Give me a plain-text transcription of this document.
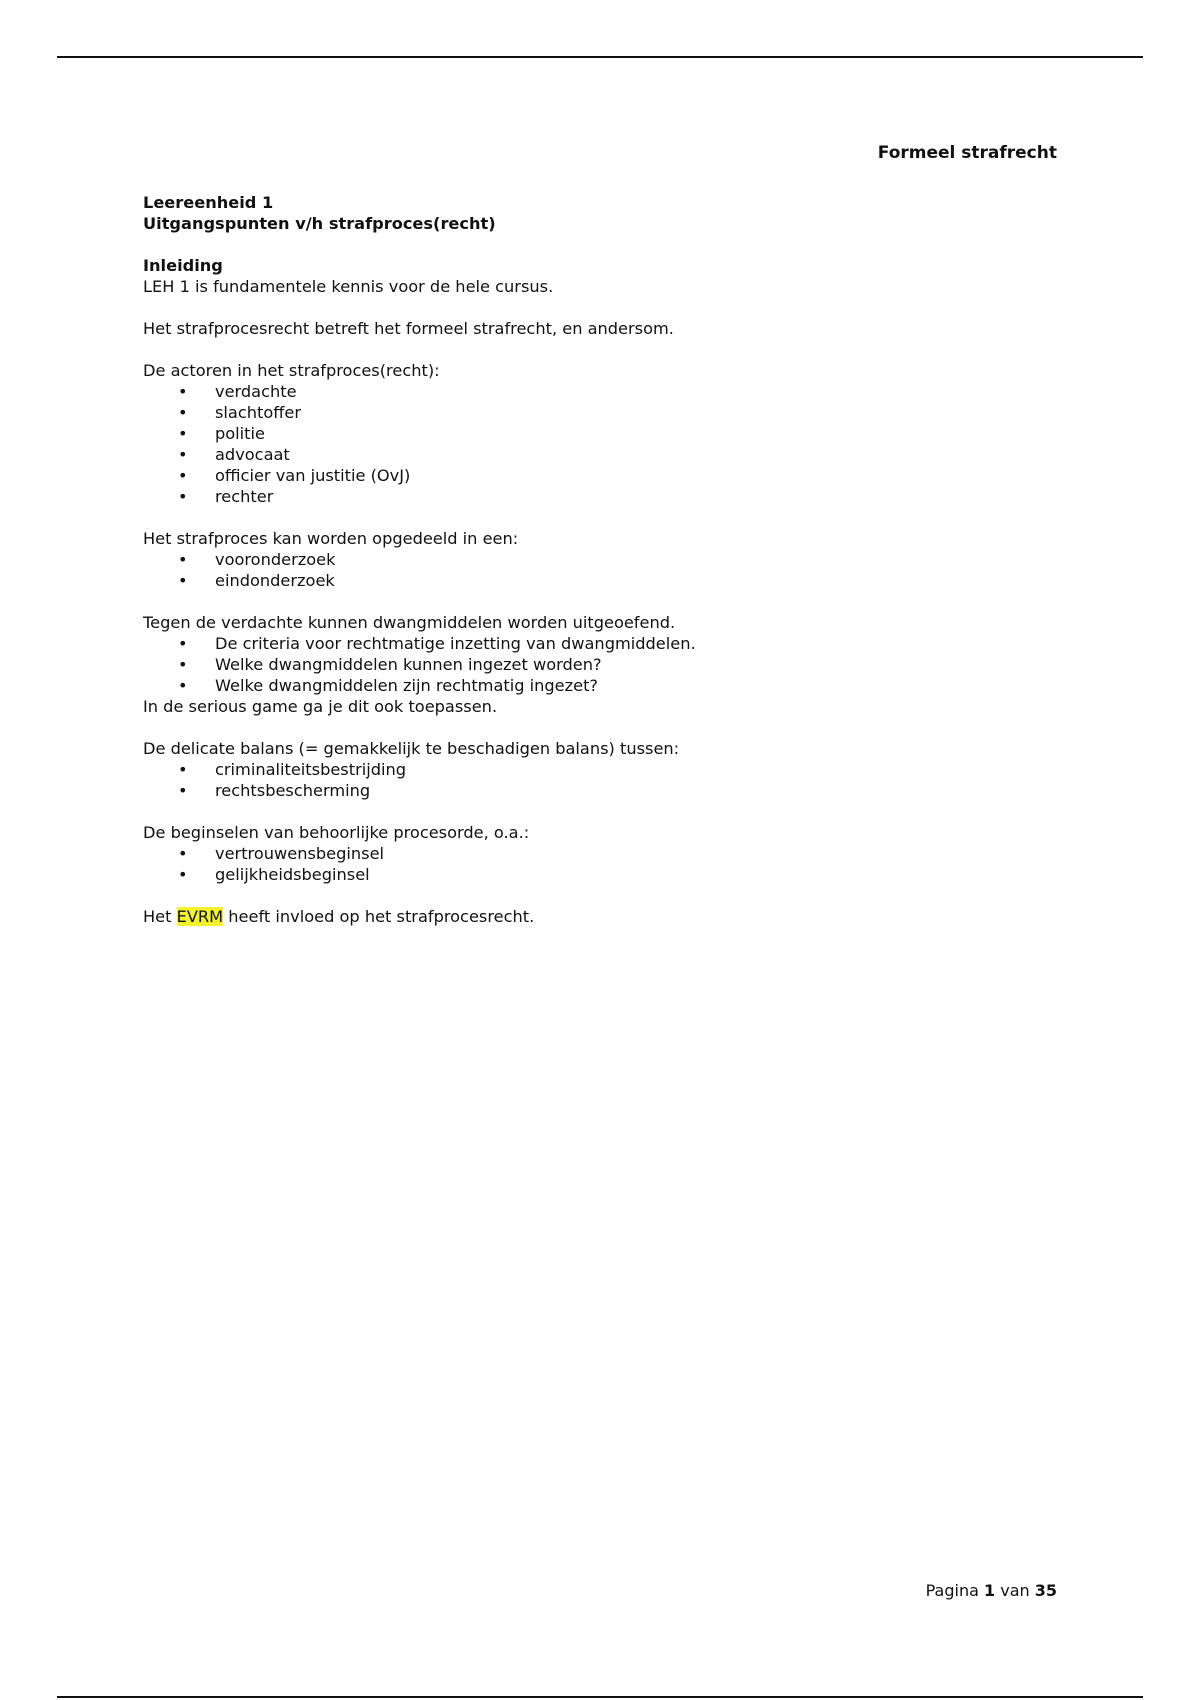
Formeel strafrecht
Leereenheid 1
Uitgangspunten v/h strafproces(recht)
Inleiding
LEH 1 is fundamentele kennis voor de hele cursus.
Het strafprocesrecht betreft het formeel strafrecht, en andersom.
De actoren in het strafproces(recht):
• verdachte
• slachtoffer
• politie
• advocaat
• officier van justitie (OvJ)
• rechter
Het strafproces kan worden opgedeeld in een:
• vooronderzoek
• eindonderzoek
Tegen de verdachte kunnen dwangmiddelen worden uitgeoefend.
• De criteria voor rechtmatige inzetting van dwangmiddelen.
• Welke dwangmiddelen kunnen ingezet worden?
• Welke dwangmiddelen zijn rechtmatig ingezet?
In de serious game ga je dit ook toepassen.
De delicate balans (= gemakkelijk te beschadigen balans) tussen:
• criminaliteitsbestrijding
• rechtsbescherming
De beginselen van behoorlijke procesorde, o.a.:
• vertrouwensbeginsel
• gelijkheidsbeginsel
Het EVRM heeft invloed op het strafprocesrecht.
Pagina 1 van 35
